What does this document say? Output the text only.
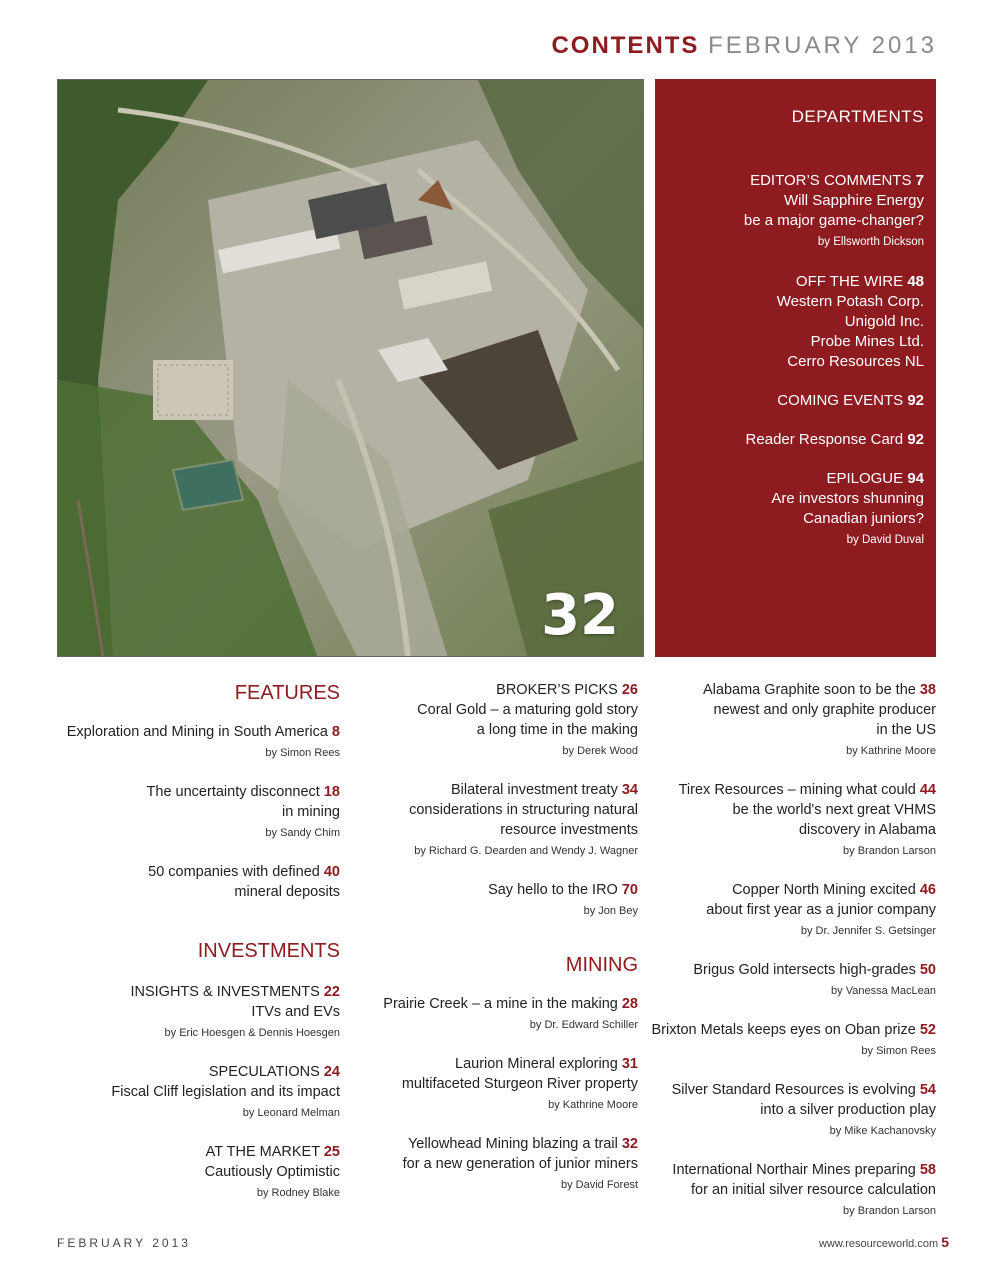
CONTENTS FEBRUARY 2013
32
DEPARTMENTS
EDITOR’S COMMENTS 7
Will Sapphire Energy
be a major game-changer?
by Ellsworth Dickson
OFF THE WIRE 48
Western Potash Corp.
Unigold Inc.
Probe Mines Ltd.
Cerro Resources NL
COMING EVENTS 92
Reader Response Card 92
EPILOGUE 94
Are investors shunning
Canadian juniors?
by David Duval
FEATURES
Exploration and Mining in South America 8
by Simon Rees
The uncertainty disconnect 18
in mining
by Sandy Chim
50 companies with defined 40
mineral deposits
INVESTMENTS
INSIGHTS & INVESTMENTS 22
ITVs and EVs
by Eric Hoesgen & Dennis Hoesgen
SPECULATIONS 24
Fiscal Cliff legislation and its impact
by Leonard Melman
AT THE MARKET 25
Cautiously Optimistic
by Rodney Blake
BROKER’S PICKS 26
Coral Gold – a maturing gold story
a long time in the making
by Derek Wood
Bilateral investment treaty 34
considerations in structuring natural
resource investments
by Richard G. Dearden and Wendy J. Wagner
Say hello to the IRO 70
by Jon Bey
MINING
Prairie Creek – a mine in the making 28
by Dr. Edward Schiller
Laurion Mineral exploring 31
multifaceted Sturgeon River property
by Kathrine Moore
Yellowhead Mining blazing a trail 32
for a new generation of junior miners
by David Forest
Alabama Graphite soon to be the 38
newest and only graphite producer
in the US
by Kathrine Moore
Tirex Resources – mining what could 44
be the world's next great VHMS
discovery in Alabama
by Brandon Larson
Copper North Mining excited 46
about first year as a junior company
by Dr. Jennifer S. Getsinger
Brigus Gold intersects high-grades 50
by Vanessa MacLean
Brixton Metals keeps eyes on Oban prize 52
by Simon Rees
Silver Standard Resources is evolving 54
into a silver production play
by Mike Kachanovsky
International Northair Mines preparing 58
for an initial silver resource calculation
by Brandon Larson
FEBRUARY 2013	www.resourceworld.com 5
